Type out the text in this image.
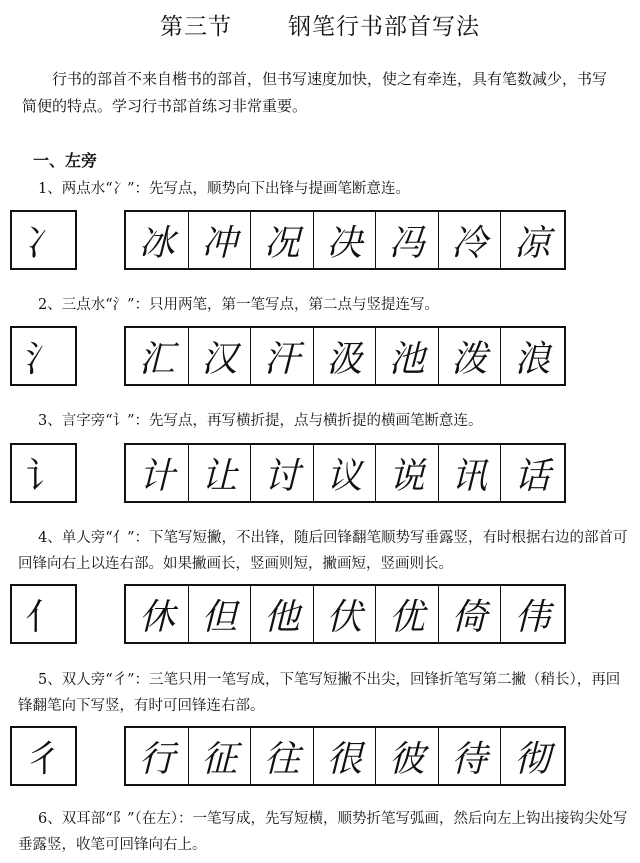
第三节 钢笔行书部首写法
行书的部首不来自楷书的部首，但书写速度加快，使之有牵连，具有笔数减少，书写简便的特点。学习行书部首练习非常重要。
一、左旁
1、两点水“冫”：先写点，顺势向下出锋与提画笔断意连。
冫	冰 冲 况 决 冯 冷 凉
2、三点水“氵”：只用两笔，第一笔写点，第二点与竖提连写。
氵	汇 汉 汗 汲 池 泼 浪
3、言字旁“讠”：先写点，再写横折提，点与横折提的横画笔断意连。
讠	计 让 讨 议 说 讯 话
4、单人旁“亻”：下笔写短撇，不出锋，随后回锋翻笔顺势写垂露竖，有时根据右边的部首可回锋向右上以连右部。如果撇画长，竖画则短，撇画短，竖画则长。
亻	休 但 他 伏 优 倚 伟
5、双人旁“彳”：三笔只用一笔写成，下笔写短撇不出尖，回锋折笔写第二撇（稍长），再回锋翻笔向下写竖，有时可回锋连右部。
彳	行 征 往 很 彼 待 彻
6、双耳部“阝”（在左）：一笔写成，先写短横，顺势折笔写弧画，然后向左上钩出接钩尖处写垂露竖，收笔可回锋向右上。
